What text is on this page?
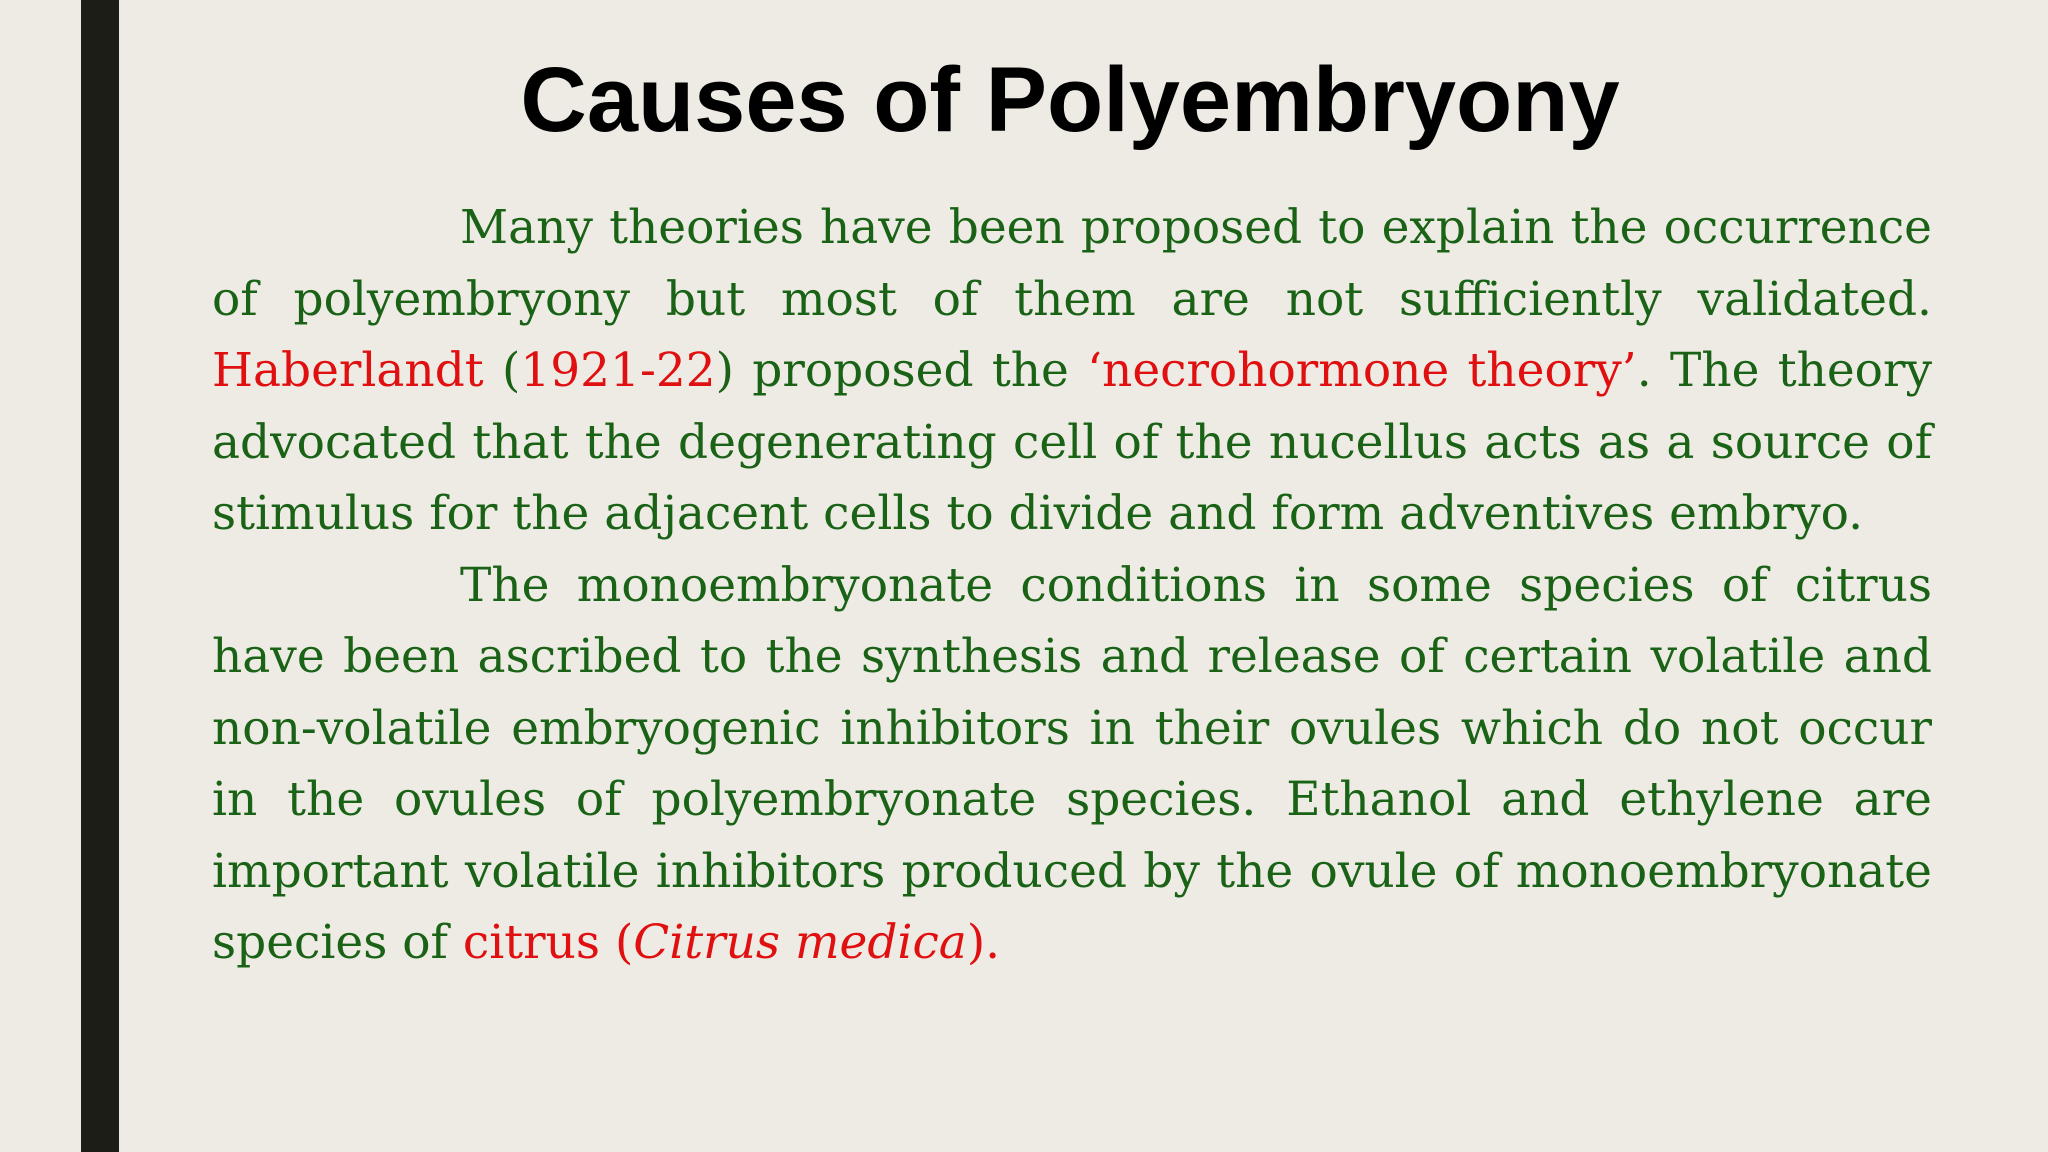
Causes of Polyembryony

Many theories have been proposed to explain the occurrence of polyembryony but most of them are not sufficiently validated. Haberlandt (1921-22) proposed the ‘necrohormone theory’. The theory advocated that the degenerating cell of the nucellus acts as a source of stimulus for the adjacent cells to divide and form adventives embryo.

The monoembryonate conditions in some species of citrus have been ascribed to the synthesis and release of certain volatile and non-volatile embryogenic inhibitors in their ovules which do not occur in the ovules of polyembryonate species. Ethanol and ethylene are important volatile inhibitors produced by the ovule of monoembryonate species of citrus (Citrus medica).
